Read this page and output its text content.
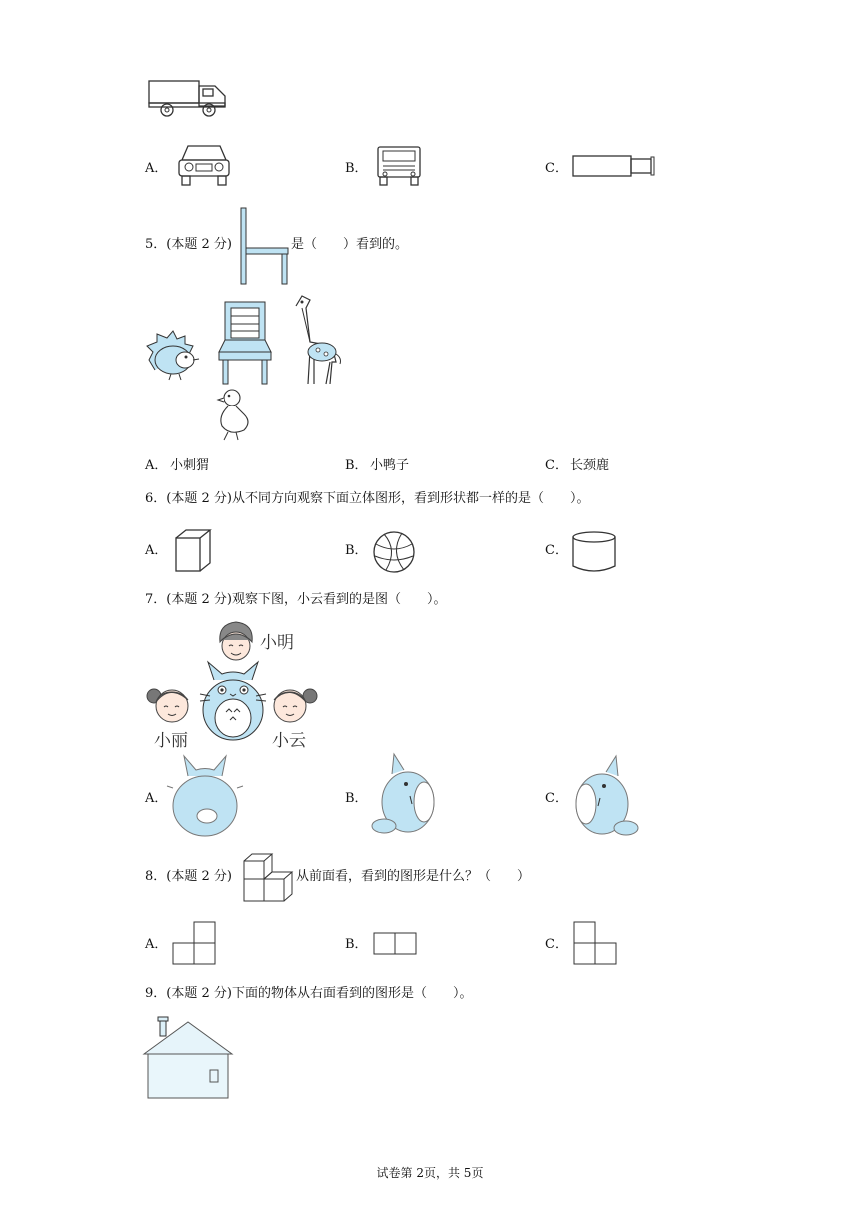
A．	B．	C．
5．(本题 2 分)	是（　　）看到的。
A． 小刺猬	B． 小鸭子	C． 长颈鹿
6．(本题 2 分)从不同方向观察下面立体图形，看到形状都一样的是（　　）。
A．	B．	C．
7．(本题 2 分)观察下图，小云看到的是图（　　）。
小明
小丽	小云
A．	B．	C．
8．(本题 2 分)	从前面看，看到的图形是什么？（　　）
A．	B．	C．
9．(本题 2 分)下面的物体从右面看到的图形是（　　）。
试卷第 2页，共 5页
